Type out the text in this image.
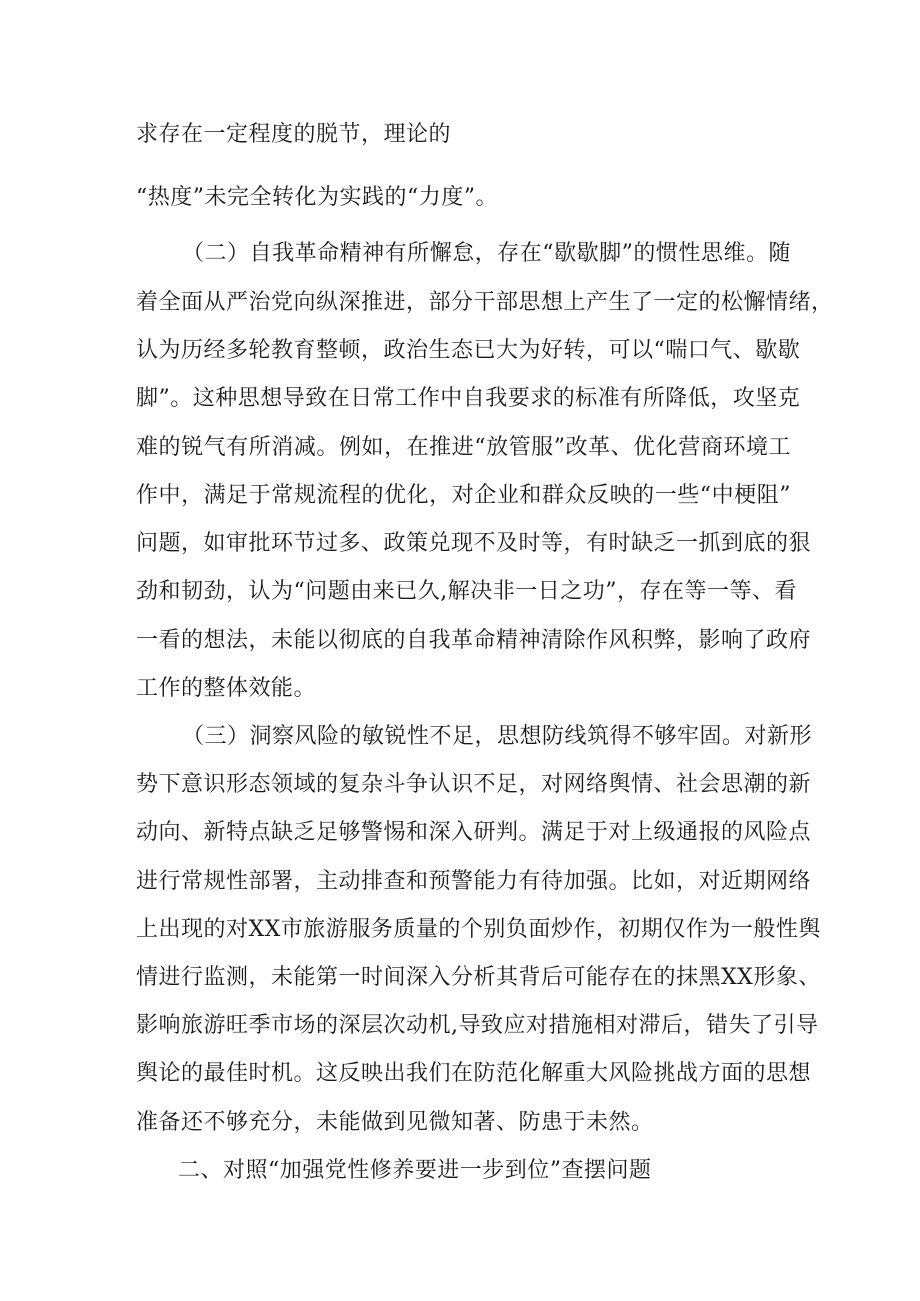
求存在一定程度的脱节，理论的

“热度”未完全转化为实践的“力度”。

（二）自我革命精神有所懈怠，存在“歇歇脚”的惯性思维。随

着全面从严治党向纵深推进，部分干部思想上产生了一定的松懈情绪，

认为历经多轮教育整顿，政治生态已大为好转，可以“喘口气、歇歇

脚”。这种思想导致在日常工作中自我要求的标准有所降低，攻坚克

难的锐气有所消减。例如，在推进“放管服”改革、优化营商环境工

作中，满足于常规流程的优化，对企业和群众反映的一些“中梗阻”

问题，如审批环节过多、政策兑现不及时等，有时缺乏一抓到底的狠

劲和韧劲，认为“问题由来已久,解决非一日之功”，存在等一等、看

一看的想法，未能以彻底的自我革命精神清除作风积弊，影响了政府

工作的整体效能。

（三）洞察风险的敏锐性不足，思想防线筑得不够牢固。对新形

势下意识形态领域的复杂斗争认识不足，对网络舆情、社会思潮的新

动向、新特点缺乏足够警惕和深入研判。满足于对上级通报的风险点

进行常规性部署，主动排查和预警能力有待加强。比如，对近期网络

上出现的对XX市旅游服务质量的个别负面炒作，初期仅作为一般性舆

情进行监测，未能第一时间深入分析其背后可能存在的抹黑XX形象、

影响旅游旺季市场的深层次动机,导致应对措施相对滞后，错失了引导

舆论的最佳时机。这反映出我们在防范化解重大风险挑战方面的思想

准备还不够充分，未能做到见微知著、防患于未然。

二、对照“加强党性修养要进一步到位”查摆问题
